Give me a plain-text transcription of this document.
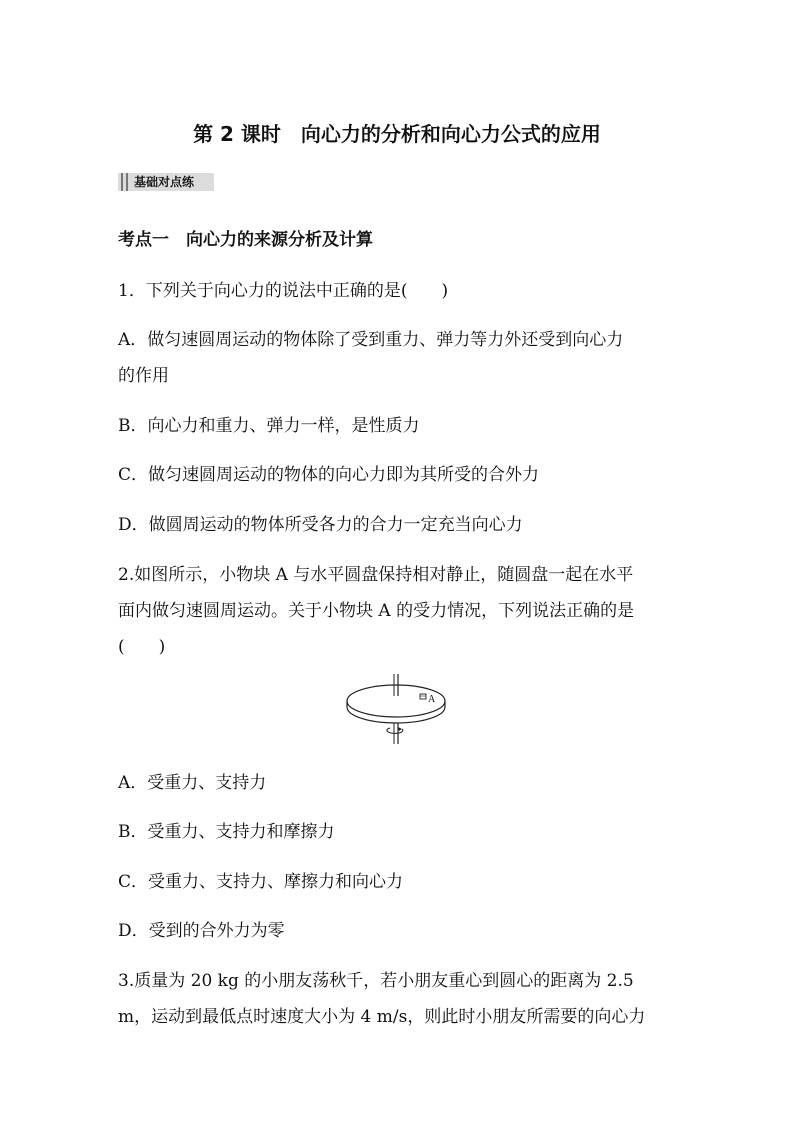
第 2 课时　向心力的分析和向心力公式的应用
基础对点练
考点一　向心力的来源分析及计算
1．下列关于向心力的说法中正确的是(　　)
A．做匀速圆周运动的物体除了受到重力、弹力等力外还受到向心力
的作用
B．向心力和重力、弹力一样，是性质力
C．做匀速圆周运动的物体的向心力即为其所受的合外力
D．做圆周运动的物体所受各力的合力一定充当向心力
2.如图所示，小物块 A 与水平圆盘保持相对静止，随圆盘一起在水平
面内做匀速圆周运动。关于小物块 A 的受力情况，下列说法正确的是
(　　)
A
A．受重力、支持力
B．受重力、支持力和摩擦力
C．受重力、支持力、摩擦力和向心力
D．受到的合外力为零
3.质量为 20 kg 的小朋友荡秋千，若小朋友重心到圆心的距离为 2.5
m，运动到最低点时速度大小为 4 m/s，则此时小朋友所需要的向心力
